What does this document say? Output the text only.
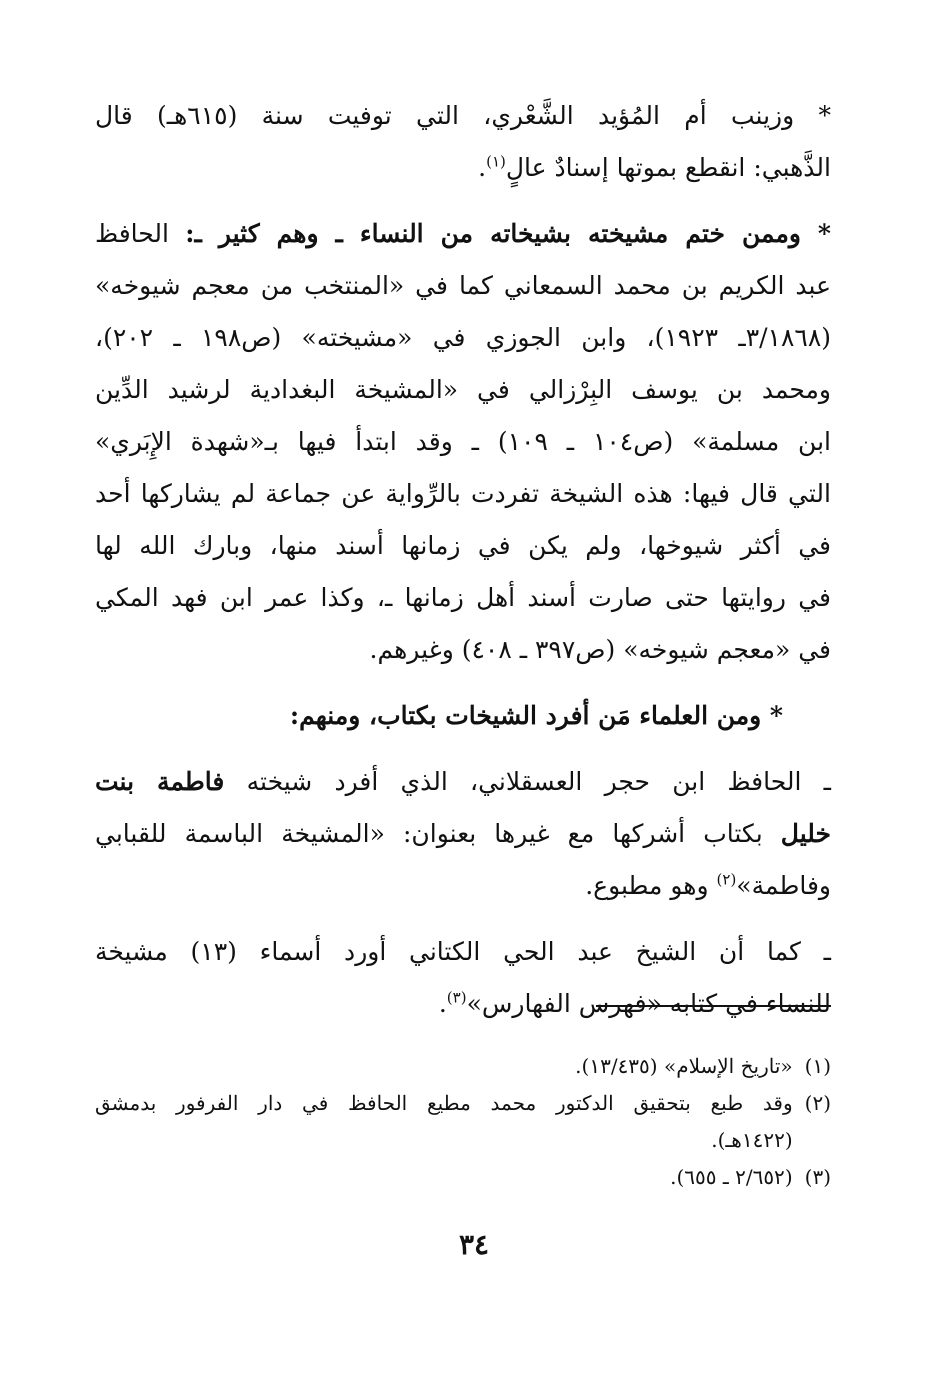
* وزينب أم المُؤيد الشَّعْري، التي توفيت سنة (٦١٥هـ) قال
الذَّهبي: انقطع بموتها إسنادٌ عالٍ$^{(١)}$.
* وممن ختم مشيخته بشيخاته من النساء ـ وهم كثير ـ: الحافظ
عبد الكريم بن محمد السمعاني كما في «المنتخب من معجم شيوخه»
(٣/١٨٦٨ـ ١٩٢٣)، وابن الجوزي في «مشيخته» (ص١٩٨ ـ ٢٠٢)،
ومحمد بن يوسف البِرْزالي في «المشيخة البغدادية لرشيد الدِّين
ابن مسلمة» (ص١٠٤ ـ ١٠٩) ـ وقد ابتدأ فيها بـ«شهدة الإِبَري»
التي قال فيها: هذه الشيخة تفردت بالرِّواية عن جماعة لم يشاركها أحد
في أكثر شيوخها، ولم يكن في زمانها أسند منها، وبارك الله لها
في روايتها حتى صارت أسند أهل زمانها ـ، وكذا عمر ابن فهد المكي
في «معجم شيوخه» (ص٣٩٧ ـ ٤٠٨) وغيرهم.
* ومن العلماء مَن أفرد الشيخات بكتاب، ومنهم:
ـ الحافظ ابن حجر العسقلاني، الذي أفرد شيخته فاطمة بنت
خليل بكتاب أشركها مع غيرها بعنوان: «المشيخة الباسمة للقبابي
وفاطمة»$^{(٢)}$ وهو مطبوع.
ـ كما أن الشيخ عبد الحي الكتاني أورد أسماء (١٣) مشيخة
للنساء في كتابه «فهرس الفهارس»$^{(٣)}$.
(١)
«تاريخ الإسلام» (١٣/٤٣٥).
(٢)
وقد طبع بتحقيق الدكتور محمد مطيع الحافظ في دار الفرفور بدمشق
(١٤٢٢هـ).
(٣)
(٢/٦٥٢ ـ ٦٥٥).
٣٤
